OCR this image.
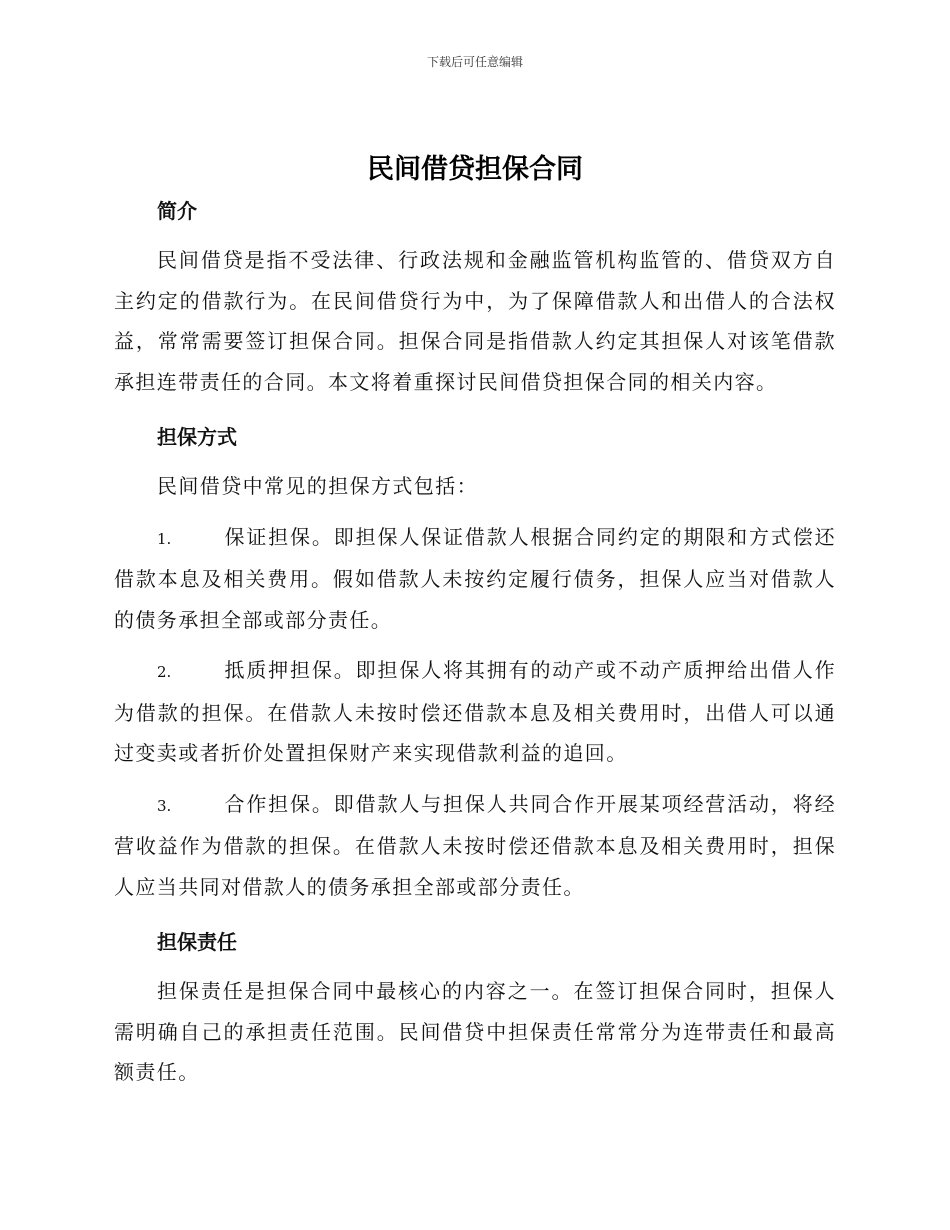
下载后可任意编辑
民间借贷担保合同
简介

民间借贷是指不受法律、行政法规和金融监管机构监管的、借贷双方自主约定的借款行为。在民间借贷行为中，为了保障借款人和出借人的合法权益，常常需要签订担保合同。担保合同是指借款人约定其担保人对该笔借款承担连带责任的合同。本文将着重探讨民间借贷担保合同的相关内容。

担保方式

民间借贷中常见的担保方式包括：

1.	保证担保。即担保人保证借款人根据合同约定的期限和方式偿还借款本息及相关费用。假如借款人未按约定履行债务，担保人应当对借款人的债务承担全部或部分责任。

2.	抵质押担保。即担保人将其拥有的动产或不动产质押给出借人作为借款的担保。在借款人未按时偿还借款本息及相关费用时，出借人可以通过变卖或者折价处置担保财产来实现借款利益的追回。

3.	合作担保。即借款人与担保人共同合作开展某项经营活动，将经营收益作为借款的担保。在借款人未按时偿还借款本息及相关费用时，担保人应当共同对借款人的债务承担全部或部分责任。

担保责任

担保责任是担保合同中最核心的内容之一。在签订担保合同时，担保人需明确自己的承担责任范围。民间借贷中担保责任常常分为连带责任和最高额责任。
